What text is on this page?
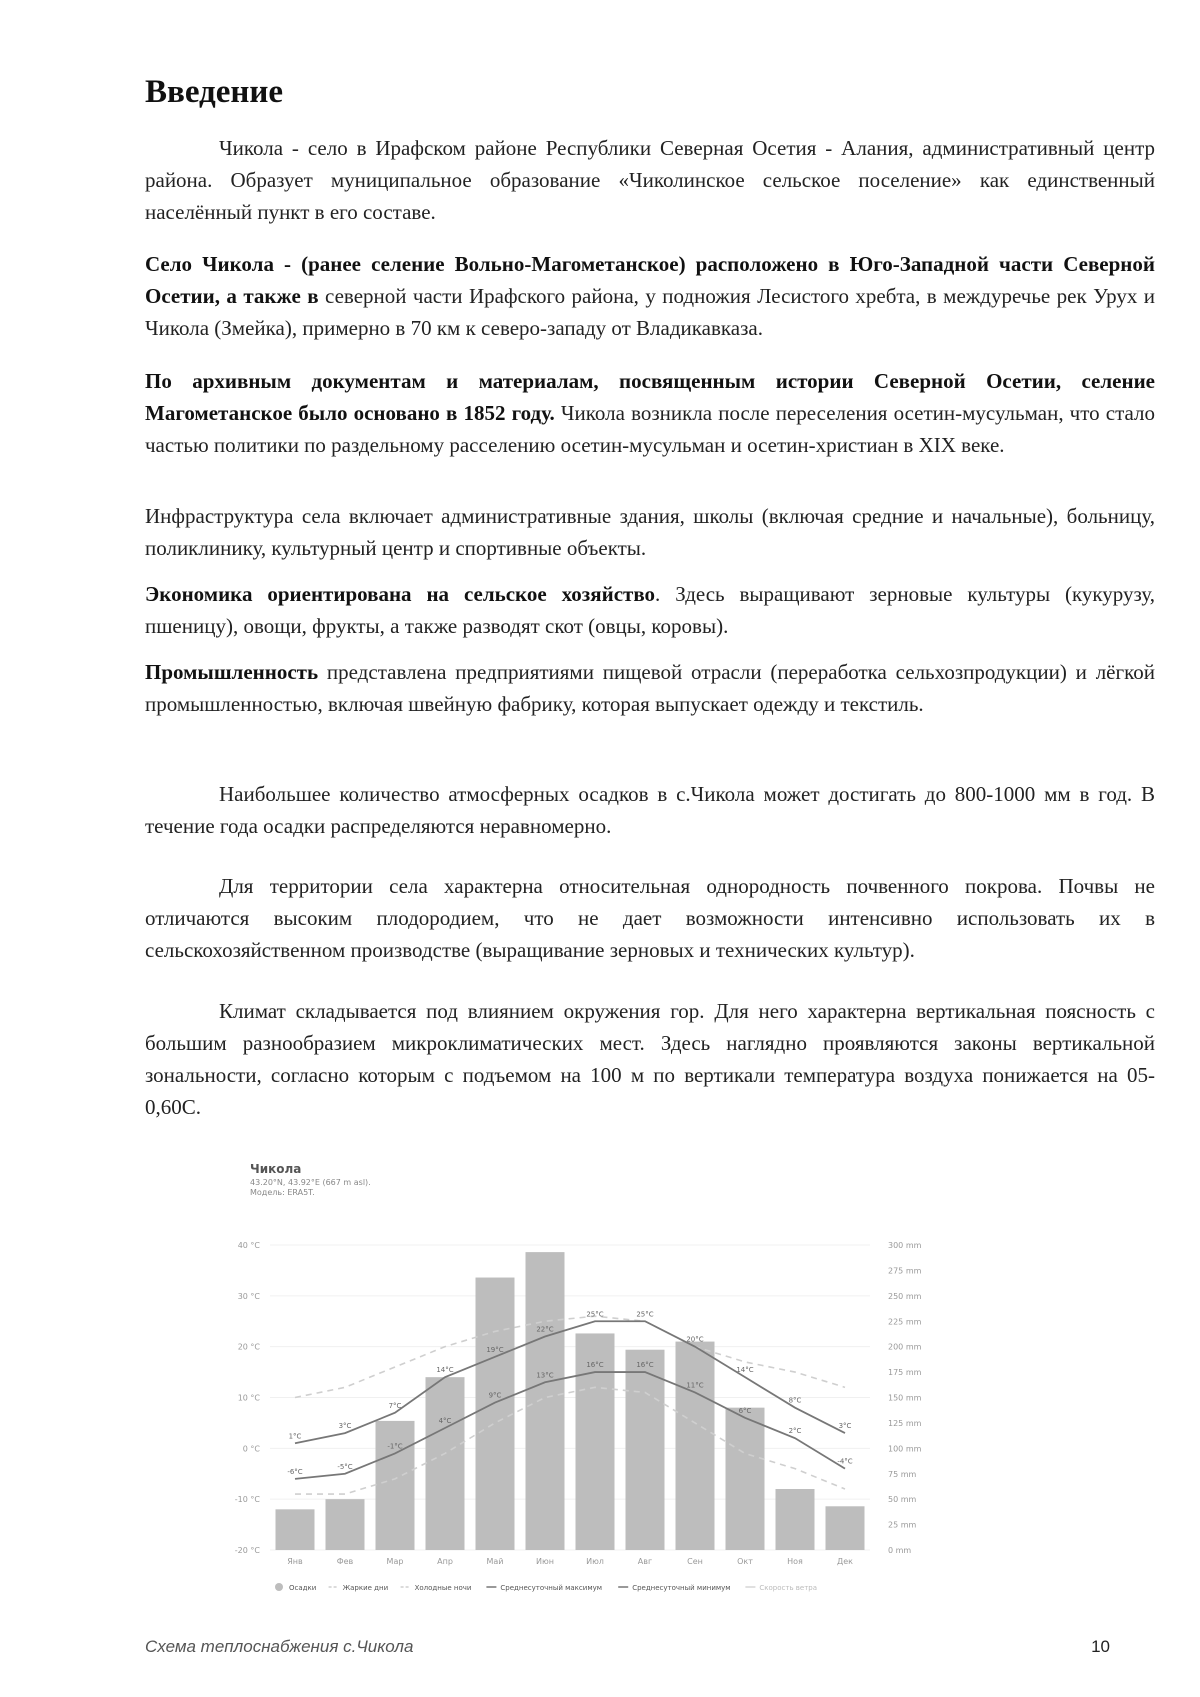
Введение

Чикола - село в Ирафском районе Республики Северная Осетия - Алания, административный центр района. Образует муниципальное образование «Чиколинское сельское поселение» как единственный населённый пункт в его составе.

Село Чикола - (ранее селение Вольно-Магометанское) расположено в Юго-Западной части Северной Осетии, а также в северной части Ирафского района, у подножия Лесистого хребта, в междуречье рек Урух и Чикола (Змейка), примерно в 70 км к северо-западу от Владикавказа.

По архивным документам и материалам, посвященным истории Северной Осетии, селение Магометанское было основано в 1852 году. Чикола возникла после переселения осетин-мусульман, что стало частью политики по раздельному расселению осетин-мусульман и осетин-христиан в XIX веке.

Инфраструктура села включает административные здания, школы (включая средние и начальные), больницу, поликлинику, культурный центр и спортивные объекты.

Экономика ориентирована на сельское хозяйство. Здесь выращивают зерновые культуры (кукурузу, пшеницу), овощи, фрукты, а также разводят скот (овцы, коровы).

Промышленность представлена предприятиями пищевой отрасли (переработка сельхозпродукции) и лёгкой промышленностью, включая швейную фабрику, которая выпускает одежду и текстиль.

Наибольшее количество атмосферных осадков в с.Чикола может достигать до 800-1000 мм в год. В течение года осадки распределяются неравномерно.

Для территории села характерна относительная однородность почвенного покрова. Почвы не отличаются высоким плодородием, что не дает возможности интенсивно использовать их в сельскохозяйственном производстве (выращивание зерновых и технических культур).

Климат складывается под влиянием окружения гор. Для него характерна вертикальная поясность с большим разнообразием микроклиматических мест. Здесь наглядно проявляются законы вертикальной зональности, согласно которым с подъемом на 100 м по вертикали температура воздуха понижается на 05-0,60С.

Чикола
43.20°N, 43.92°E (667 m asl).
Модель: ERA5T.
1°C
3°C
7°C
14°C
19°C
22°C
25°C	25°C
20°C
14°C
8°C
3°C
-6°C
-5°C
-1°C
4°C
9°C
13°C
16°C	16°C
11°C
6°C
2°C
-4°C
40 °C
30 °C
20 °C
10 °C
0 °C
-10 °C
-20 °C
300 mm
275 mm
250 mm
225 mm
200 mm
175 mm
150 mm
125 mm
100 mm
75 mm
50 mm
25 mm
0 mm
Янв	Фев	Мар	Апр	Май	Июн	Июл	Авг	Сен	Окт	Ноя	Дек
Осадки	Жаркие дни	Холодные ночи	Среднесуточный максимум	Среднесуточный минимум	Скорость ветра
Схема теплоснабжения с.Чикола	10
